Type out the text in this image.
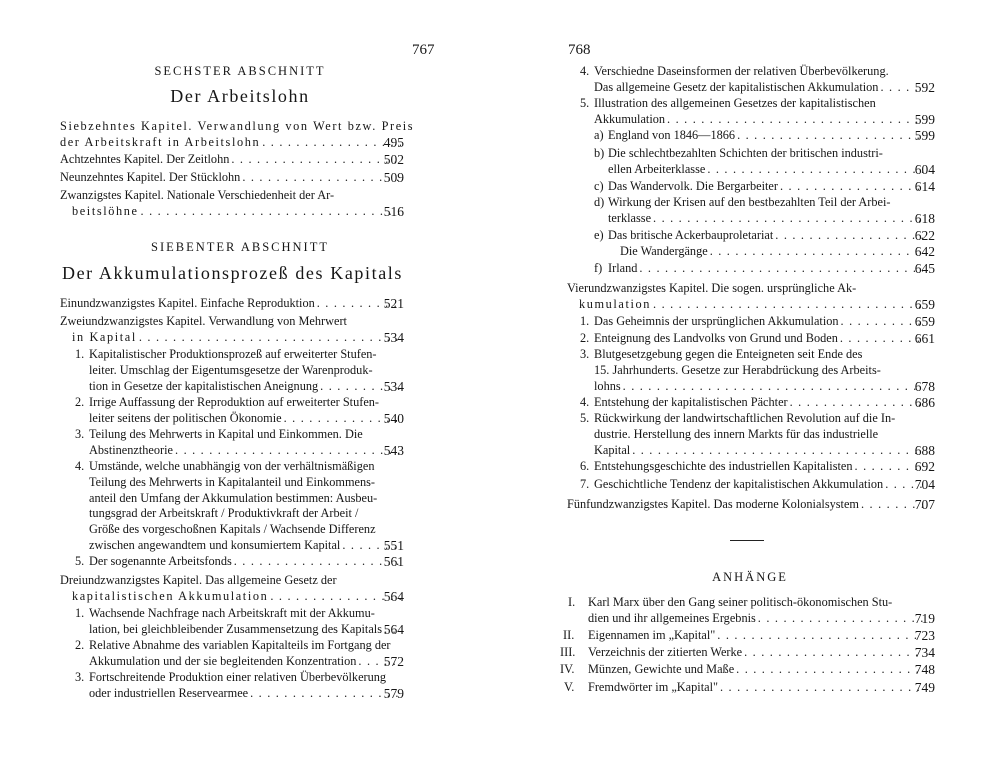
767
SECHSTER ABSCHNITT
Der Arbeitslohn
Siebzehntes Kapitel. Verwandlung von Wert bzw. Preis
der Arbeitskraft in Arbeitslohn . . .	495
Achtzehntes Kapitel. Der Zeitlohn . . .	502
Neunzehntes Kapitel. Der Stücklohn . . .	509
Zwanzigstes Kapitel. Nationale Verschiedenheit der Ar-
beitslöhne . . .	516
SIEBENTER ABSCHNITT
Der Akkumulationsprozeß des Kapitals
Einundzwanzigstes Kapitel. Einfache Reproduktion . . .	521
Zweiundzwanzigstes Kapitel. Verwandlung von Mehrwert
in Kapital . . .	534
1. Kapitalistischer Produktionsprozeß auf erweiterter Stufen-
leiter. Umschlag der Eigentumsgesetze der Warenproduk-
tion in Gesetze der kapitalistischen Aneignung . . .	534
2. Irrige Auffassung der Reproduktion auf erweiterter Stufen-
leiter seitens der politischen Ökonomie . . .	540
3. Teilung des Mehrwerts in Kapital und Einkommen. Die
Abstinenztheorie . . .	543
4. Umstände, welche unabhängig von der verhältnismäßigen
Teilung des Mehrwerts in Kapitalanteil und Einkommens-
anteil den Umfang der Akkumulation bestimmen: Ausbeu-
tungsgrad der Arbeitskraft / Produktivkraft der Arbeit /
Größe des vorgeschoßnen Kapitals / Wachsende Differenz
zwischen angewandtem und konsumiertem Kapital . . .	551
5. Der sogenannte Arbeitsfonds . . .	561
Dreiundzwanzigstes Kapitel. Das allgemeine Gesetz der
kapitalistischen Akkumulation . . .	564
1. Wachsende Nachfrage nach Arbeitskraft mit der Akkumu-
lation, bei gleichbleibender Zusammensetzung des Kapitals . . . 564
2. Relative Abnahme des variablen Kapitalteils im Fortgang der
Akkumulation und der sie begleitenden Konzentration . . . 572
3. Fortschreitende Produktion einer relativen Überbevölkerung
oder industriellen Reservearmee . . .	579
768
4. Verschiedne Daseinsformen der relativen Überbevölkerung.
Das allgemeine Gesetz der kapitalistischen Akkumulation . . .	592
5. Illustration des allgemeinen Gesetzes der kapitalistischen
Akkumulation . . .	599
a) England von 1846—1866 . . .	599
b) Die schlechtbezahlten Schichten der britischen industri-
ellen Arbeiterklasse . . .	604
c) Das Wandervolk. Die Bergarbeiter . . .	614
d) Wirkung der Krisen auf den bestbezahlten Teil der Arbei-
terklasse . . .	618
e) Das britische Ackerbauproletariat . . .	622
Die Wandergänge . . .	642
f) Irland . . .	645
Vierundzwanzigstes Kapitel. Die sogen. ursprüngliche Ak-
kumulation . . .	659
1. Das Geheimnis der ursprünglichen Akkumulation . . .	659
2. Enteignung des Landvolks von Grund und Boden . . .	661
3. Blutgesetzgebung gegen die Enteigneten seit Ende des
15. Jahrhunderts. Gesetze zur Herabdrückung des Arbeits-
lohns . . .	678
4. Entstehung der kapitalistischen Pächter . . .	686
5. Rückwirkung der landwirtschaftlichen Revolution auf die In-
dustrie. Herstellung des innern Markts für das industrielle
Kapital . . .	688
6. Entstehungsgeschichte des industriellen Kapitalisten . . .	692
7. Geschichtliche Tendenz der kapitalistischen Akkumulation . . . 704
Fünfundzwanzigstes Kapitel. Das moderne Kolonialsystem . . .	707
ANHÄNGE
I. Karl Marx über den Gang seiner politisch-ökonomischen Stu-
dien und ihr allgemeines Ergebnis . . .	719
II. Eigennamen im „Kapital" . . .	723
III. Verzeichnis der zitierten Werke . . .	734
IV. Münzen, Gewichte und Maße . . .	748
V. Fremdwörter im „Kapital" . . .	749
